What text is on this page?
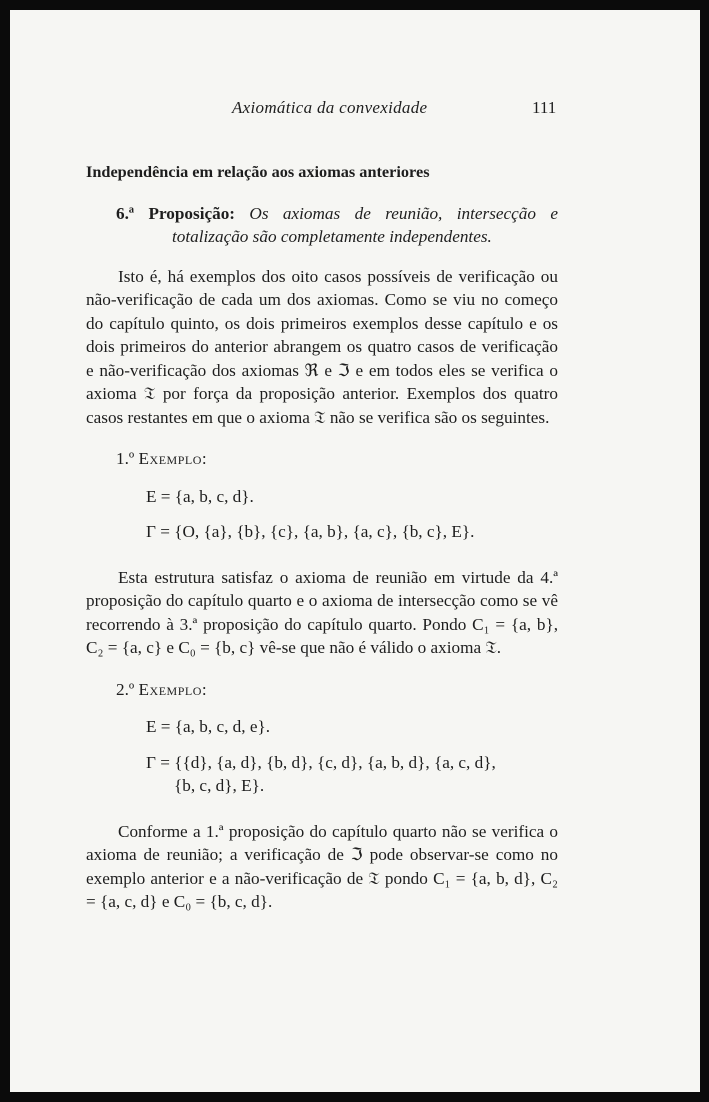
Axiomática da convexidade	111
Independência em relação aos axiomas anteriores
6.ª Proposição: Os axiomas de reunião, intersecção e
totalização são completamente independentes.

Isto é, há exemplos dos oito casos possíveis de verificação ou não-verificação de cada um dos axiomas. Como se viu no começo do capítulo quinto, os dois primeiros exemplos desse capítulo e os dois primeiros do anterior abrangem os quatro casos de verificação e não-verificação dos axiomas ℜ e ℑ e em todos eles se verifica o axioma 𝔗 por força da proposição anterior. Exemplos dos quatro casos restantes em que o axioma 𝔗 não se verifica são os seguintes.

1.º Exemplo:
E = {a, b, c, d}.
Γ = {O, {a}, {b}, {c}, {a, b}, {a, c}, {b, c}, E}.

Esta estrutura satisfaz o axioma de reunião em virtude da 4.ª proposição do capítulo quarto e o axioma de intersecção como se vê recorrendo à 3.ª proposição do capítulo quarto. Pondo C₁ = {a, b}, C₂ = {a, c} e C₀ = {b, c} vê-se que não é válido o axioma 𝔗.

2.º Exemplo:
E = {a, b, c, d, e}.
Γ = {{d}, {a, d}, {b, d}, {c, d}, {a, b, d}, {a, c, d},
{b, c, d}, E}.

Conforme a 1.ª proposição do capítulo quarto não se verifica o axioma de reunião; a verificação de ℑ pode observar-se como no exemplo anterior e a não-verificação de 𝔗 pondo C₁ = {a, b, d}, C₂ = {a, c, d} e C₀ = {b, c, d}.
